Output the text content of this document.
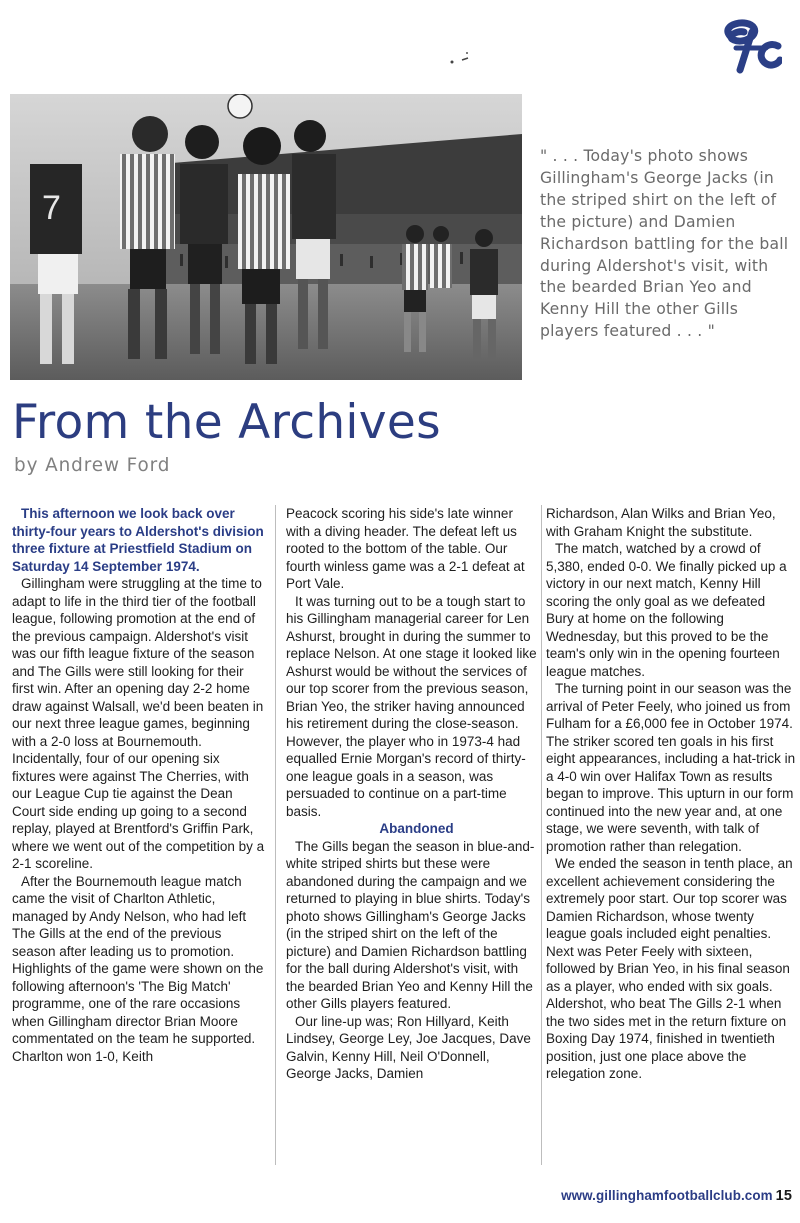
7
" . . . Today's photo shows Gillingham's George Jacks (in the striped shirt on the left of the picture) and Damien Richardson battling for the ball during Aldershot's visit, with the bearded Brian Yeo and Kenny Hill the other Gills players featured . . . "
From the Archives
by Andrew Ford

This afternoon we look back over thirty-four years to Aldershot's division three fixture at Priestfield Stadium on Saturday 14 September 1974.

Gillingham were struggling at the time to adapt to life in the third tier of the football league, following promotion at the end of the previous campaign. Aldershot's visit was our fifth league fixture of the season and The Gills were still looking for their first win. After an opening day 2-2 home draw against Walsall, we'd been beaten in our next three league games, beginning with a 2-0 loss at Bournemouth. Incidentally, four of our opening six fixtures were against The Cherries, with our League Cup tie against the Dean Court side ending up going to a second replay, played at Brentford's Griffin Park, where we went out of the competition by a 2-1 scoreline.

After the Bournemouth league match came the visit of Charlton Athletic, managed by Andy Nelson, who had left The Gills at the end of the previous season after leading us to promotion. Highlights of the game were shown on the following afternoon's 'The Big Match' programme, one of the rare occasions when Gillingham director Brian Moore commentated on the team he supported. Charlton won 1-0, Keith

Peacock scoring his side's late winner with a diving header. The defeat left us rooted to the bottom of the table. Our fourth winless game was a 2-1 defeat at Port Vale.

It was turning out to be a tough start to his Gillingham managerial career for Len Ashurst, brought in during the summer to replace Nelson. At one stage it looked like Ashurst would be without the services of our top scorer from the previous season, Brian Yeo, the striker having announced his retirement during the close-season. However, the player who in 1973-4 had equalled Ernie Morgan's record of thirty-one league goals in a season, was persuaded to continue on a part-time basis.

Abandoned

The Gills began the season in blue-and-white striped shirts but these were abandoned during the campaign and we returned to playing in blue shirts. Today's photo shows Gillingham's George Jacks (in the striped shirt on the left of the picture) and Damien Richardson battling for the ball during Aldershot's visit, with the bearded Brian Yeo and Kenny Hill the other Gills players featured.

Our line-up was; Ron Hillyard, Keith Lindsey, George Ley, Joe Jacques, Dave Galvin, Kenny Hill, Neil O'Donnell, George Jacks, Damien

Richardson, Alan Wilks and Brian Yeo, with Graham Knight the substitute.

The match, watched by a crowd of 5,380, ended 0-0. We finally picked up a victory in our next match, Kenny Hill scoring the only goal as we defeated Bury at home on the following Wednesday, but this proved to be the team's only win in the opening fourteen league matches.

The turning point in our season was the arrival of Peter Feely, who joined us from Fulham for a £6,000 fee in October 1974. The striker scored ten goals in his first eight appearances, including a hat-trick in a 4-0 win over Halifax Town as results began to improve. This upturn in our form continued into the new year and, at one stage, we were seventh, with talk of promotion rather than relegation.

We ended the season in tenth place, an excellent achievement considering the extremely poor start. Our top scorer was Damien Richardson, whose twenty league goals included eight penalties. Next was Peter Feely with sixteen, followed by Brian Yeo, in his final season as a player, who ended with six goals. Aldershot, who beat The Gills 2-1 when the two sides met in the return fixture on Boxing Day 1974, finished in twentieth position, just one place above the relegation zone.

www.gillinghamfootballclub.com 15
